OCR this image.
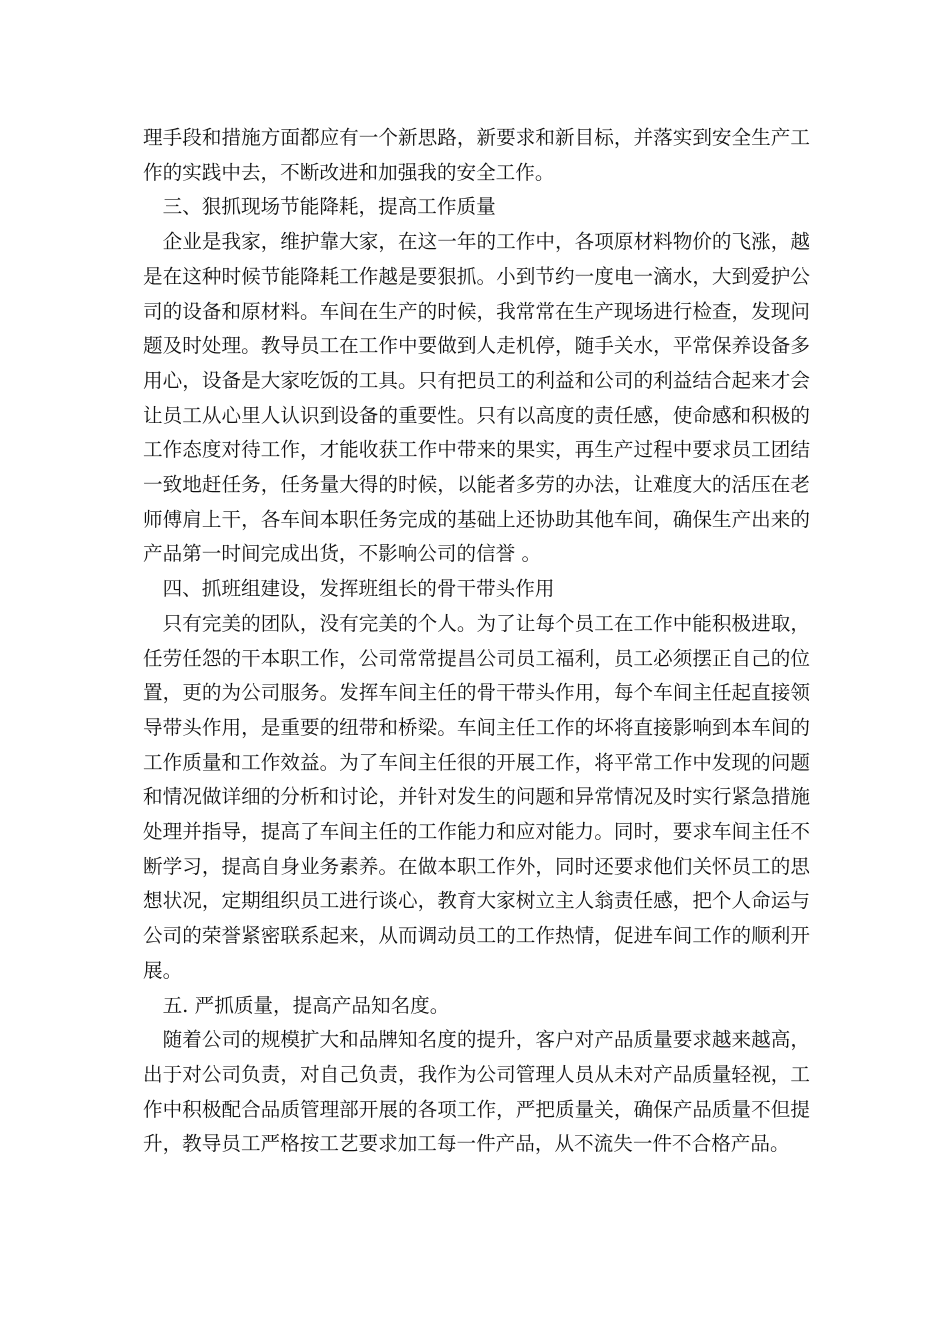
理手段和措施方面都应有一个新思路，新要求和新目标，并落实到安全生产工作的实践中去，不断改进和加强我的安全工作。

三、狠抓现场节能降耗，提高工作质量

企业是我家，维护靠大家，在这一年的工作中，各项原材料物价的飞涨，越是在这种时候节能降耗工作越是要狠抓。小到节约一度电一滴水，大到爱护公司的设备和原材料。车间在生产的时候，我常常在生产现场进行检查，发现问题及时处理。教导员工在工作中要做到人走机停，随手关水，平常保养设备多用心，设备是大家吃饭的工具。只有把员工的利益和公司的利益结合起来才会让员工从心里人认识到设备的重要性。只有以高度的责任感，使命感和积极的工作态度对待工作，才能收获工作中带来的果实，再生产过程中要求员工团结一致地赶任务，任务量大得的时候，以能者多劳的办法，让难度大的活压在老师傅肩上干，各车间本职任务完成的基础上还协助其他车间，确保生产出来的产品第一时间完成出货，不影响公司的信誉 。

四、抓班组建设，发挥班组长的骨干带头作用

只有完美的团队，没有完美的个人。为了让每个员工在工作中能积极进取，任劳任怨的干本职工作，公司常常提昌公司员工福利，员工必须摆正自己的位置，更的为公司服务。发挥车间主任的骨干带头作用，每个车间主任起直接领导带头作用，是重要的纽带和桥梁。车间主任工作的坏将直接影响到本车间的工作质量和工作效益。为了车间主任很的开展工作，将平常工作中发现的问题和情况做详细的分析和讨论，并针对发生的问题和异常情况及时实行紧急措施处理并指导，提高了车间主任的工作能力和应对能力。同时，要求车间主任不断学习，提高自身业务素养。在做本职工作外，同时还要求他们关怀员工的思想状况，定期组织员工进行谈心，教育大家树立主人翁责任感，把个人命运与公司的荣誉紧密联系起来，从而调动员工的工作热情，促进车间工作的顺利开展。

五. 严抓质量，提高产品知名度。

随着公司的规模扩大和品牌知名度的提升，客户对产品质量要求越来越高，出于对公司负责，对自己负责，我作为公司管理人员从未对产品质量轻视，工作中积极配合品质管理部开展的各项工作，严把质量关，确保产品质量不但提升，教导员工严格按工艺要求加工每一件产品，从不流失一件不合格产品。
